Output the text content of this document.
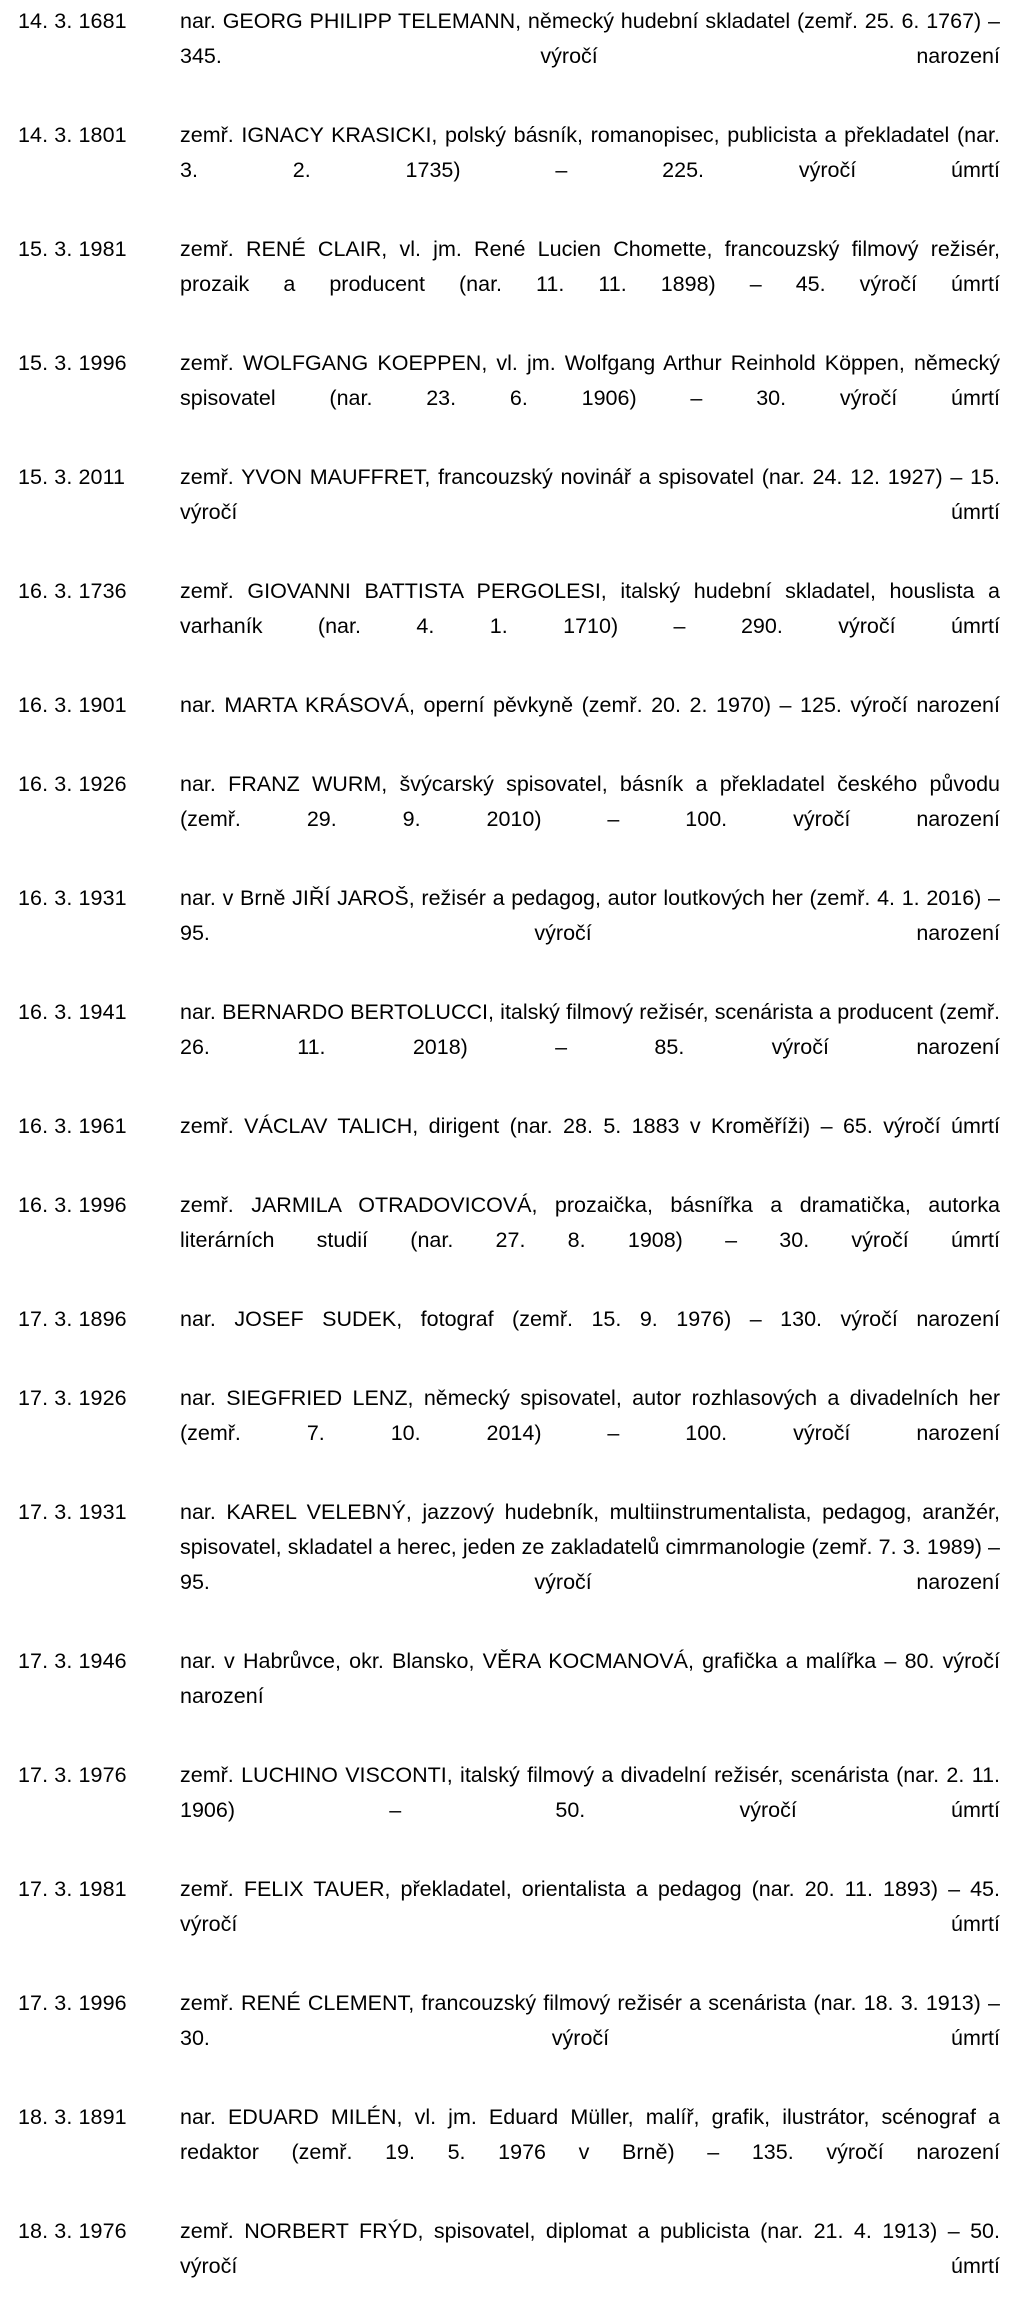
14. 3. 1681	nar. GEORG PHILIPP TELEMANN, německý hudební skladatel (zemř. 25. 6. 1767) – 345. výročí narození
14. 3. 1801	zemř. IGNACY KRASICKI, polský básník, romanopisec, publicista a překladatel (nar. 3. 2. 1735) – 225. výročí úmrtí
15. 3. 1981	zemř. RENÉ CLAIR, vl. jm. René Lucien Chomette, francouzský filmový režisér, prozaik a producent (nar. 11. 11. 1898) – 45. výročí úmrtí
15. 3. 1996	zemř. WOLFGANG KOEPPEN, vl. jm. Wolfgang Arthur Reinhold Köppen, německý spisovatel (nar. 23. 6. 1906) – 30. výročí úmrtí
15. 3. 2011	zemř. YVON MAUFFRET, francouzský novinář a spisovatel (nar. 24. 12. 1927) – 15. výročí úmrtí
16. 3. 1736	zemř. GIOVANNI BATTISTA PERGOLESI, italský hudební skladatel, houslista a varhaník (nar. 4. 1. 1710) – 290. výročí úmrtí
16. 3. 1901	nar. MARTA KRÁSOVÁ, operní pěvkyně (zemř. 20. 2. 1970) – 125. výročí narození
16. 3. 1926	nar. FRANZ WURM, švýcarský spisovatel, básník a překladatel českého původu (zemř. 29. 9. 2010) – 100. výročí narození
16. 3. 1931	nar. v Brně JIŘÍ JAROŠ, režisér a pedagog, autor loutkových her (zemř. 4. 1. 2016) – 95. výročí narození
16. 3. 1941	nar. BERNARDO BERTOLUCCI, italský filmový režisér, scenárista a producent (zemř. 26. 11. 2018) – 85. výročí narození
16. 3. 1961	zemř. VÁCLAV TALICH, dirigent (nar. 28. 5. 1883 v Kroměříži) – 65. výročí úmrtí
16. 3. 1996	zemř. JARMILA OTRADOVICOVÁ, prozaička, básnířka a dramatička, autorka literárních studií (nar. 27. 8. 1908) – 30. výročí úmrtí
17. 3. 1896	nar. JOSEF SUDEK, fotograf (zemř. 15. 9. 1976) – 130. výročí narození
17. 3. 1926	nar. SIEGFRIED LENZ, německý spisovatel, autor rozhlasových a divadelních her (zemř. 7. 10. 2014) – 100. výročí narození
17. 3. 1931	nar. KAREL VELEBNÝ, jazzový hudebník, multiinstrumentalista, pedagog, aranžér, spisovatel, skladatel a herec, jeden ze zakladatelů cimrmanologie (zemř. 7. 3. 1989) – 95. výročí narození
17. 3. 1946	nar. v Habrůvce, okr. Blansko, VĚRA KOCMANOVÁ, grafička a malířka – 80. výročí narození
17. 3. 1976	zemř. LUCHINO VISCONTI, italský filmový a divadelní režisér, scenárista (nar. 2. 11. 1906) – 50. výročí úmrtí
17. 3. 1981	zemř. FELIX TAUER, překladatel, orientalista a pedagog (nar. 20. 11. 1893) – 45. výročí úmrtí
17. 3. 1996	zemř. RENÉ CLEMENT, francouzský filmový režisér a scenárista (nar. 18. 3. 1913) – 30. výročí úmrtí
18. 3. 1891	nar. EDUARD MILÉN, vl. jm. Eduard Müller, malíř, grafik, ilustrátor, scénograf a redaktor (zemř. 19. 5. 1976 v Brně) – 135. výročí narození
18. 3. 1976	zemř. NORBERT FRÝD, spisovatel, diplomat a publicista (nar. 21. 4. 1913) – 50. výročí úmrtí
